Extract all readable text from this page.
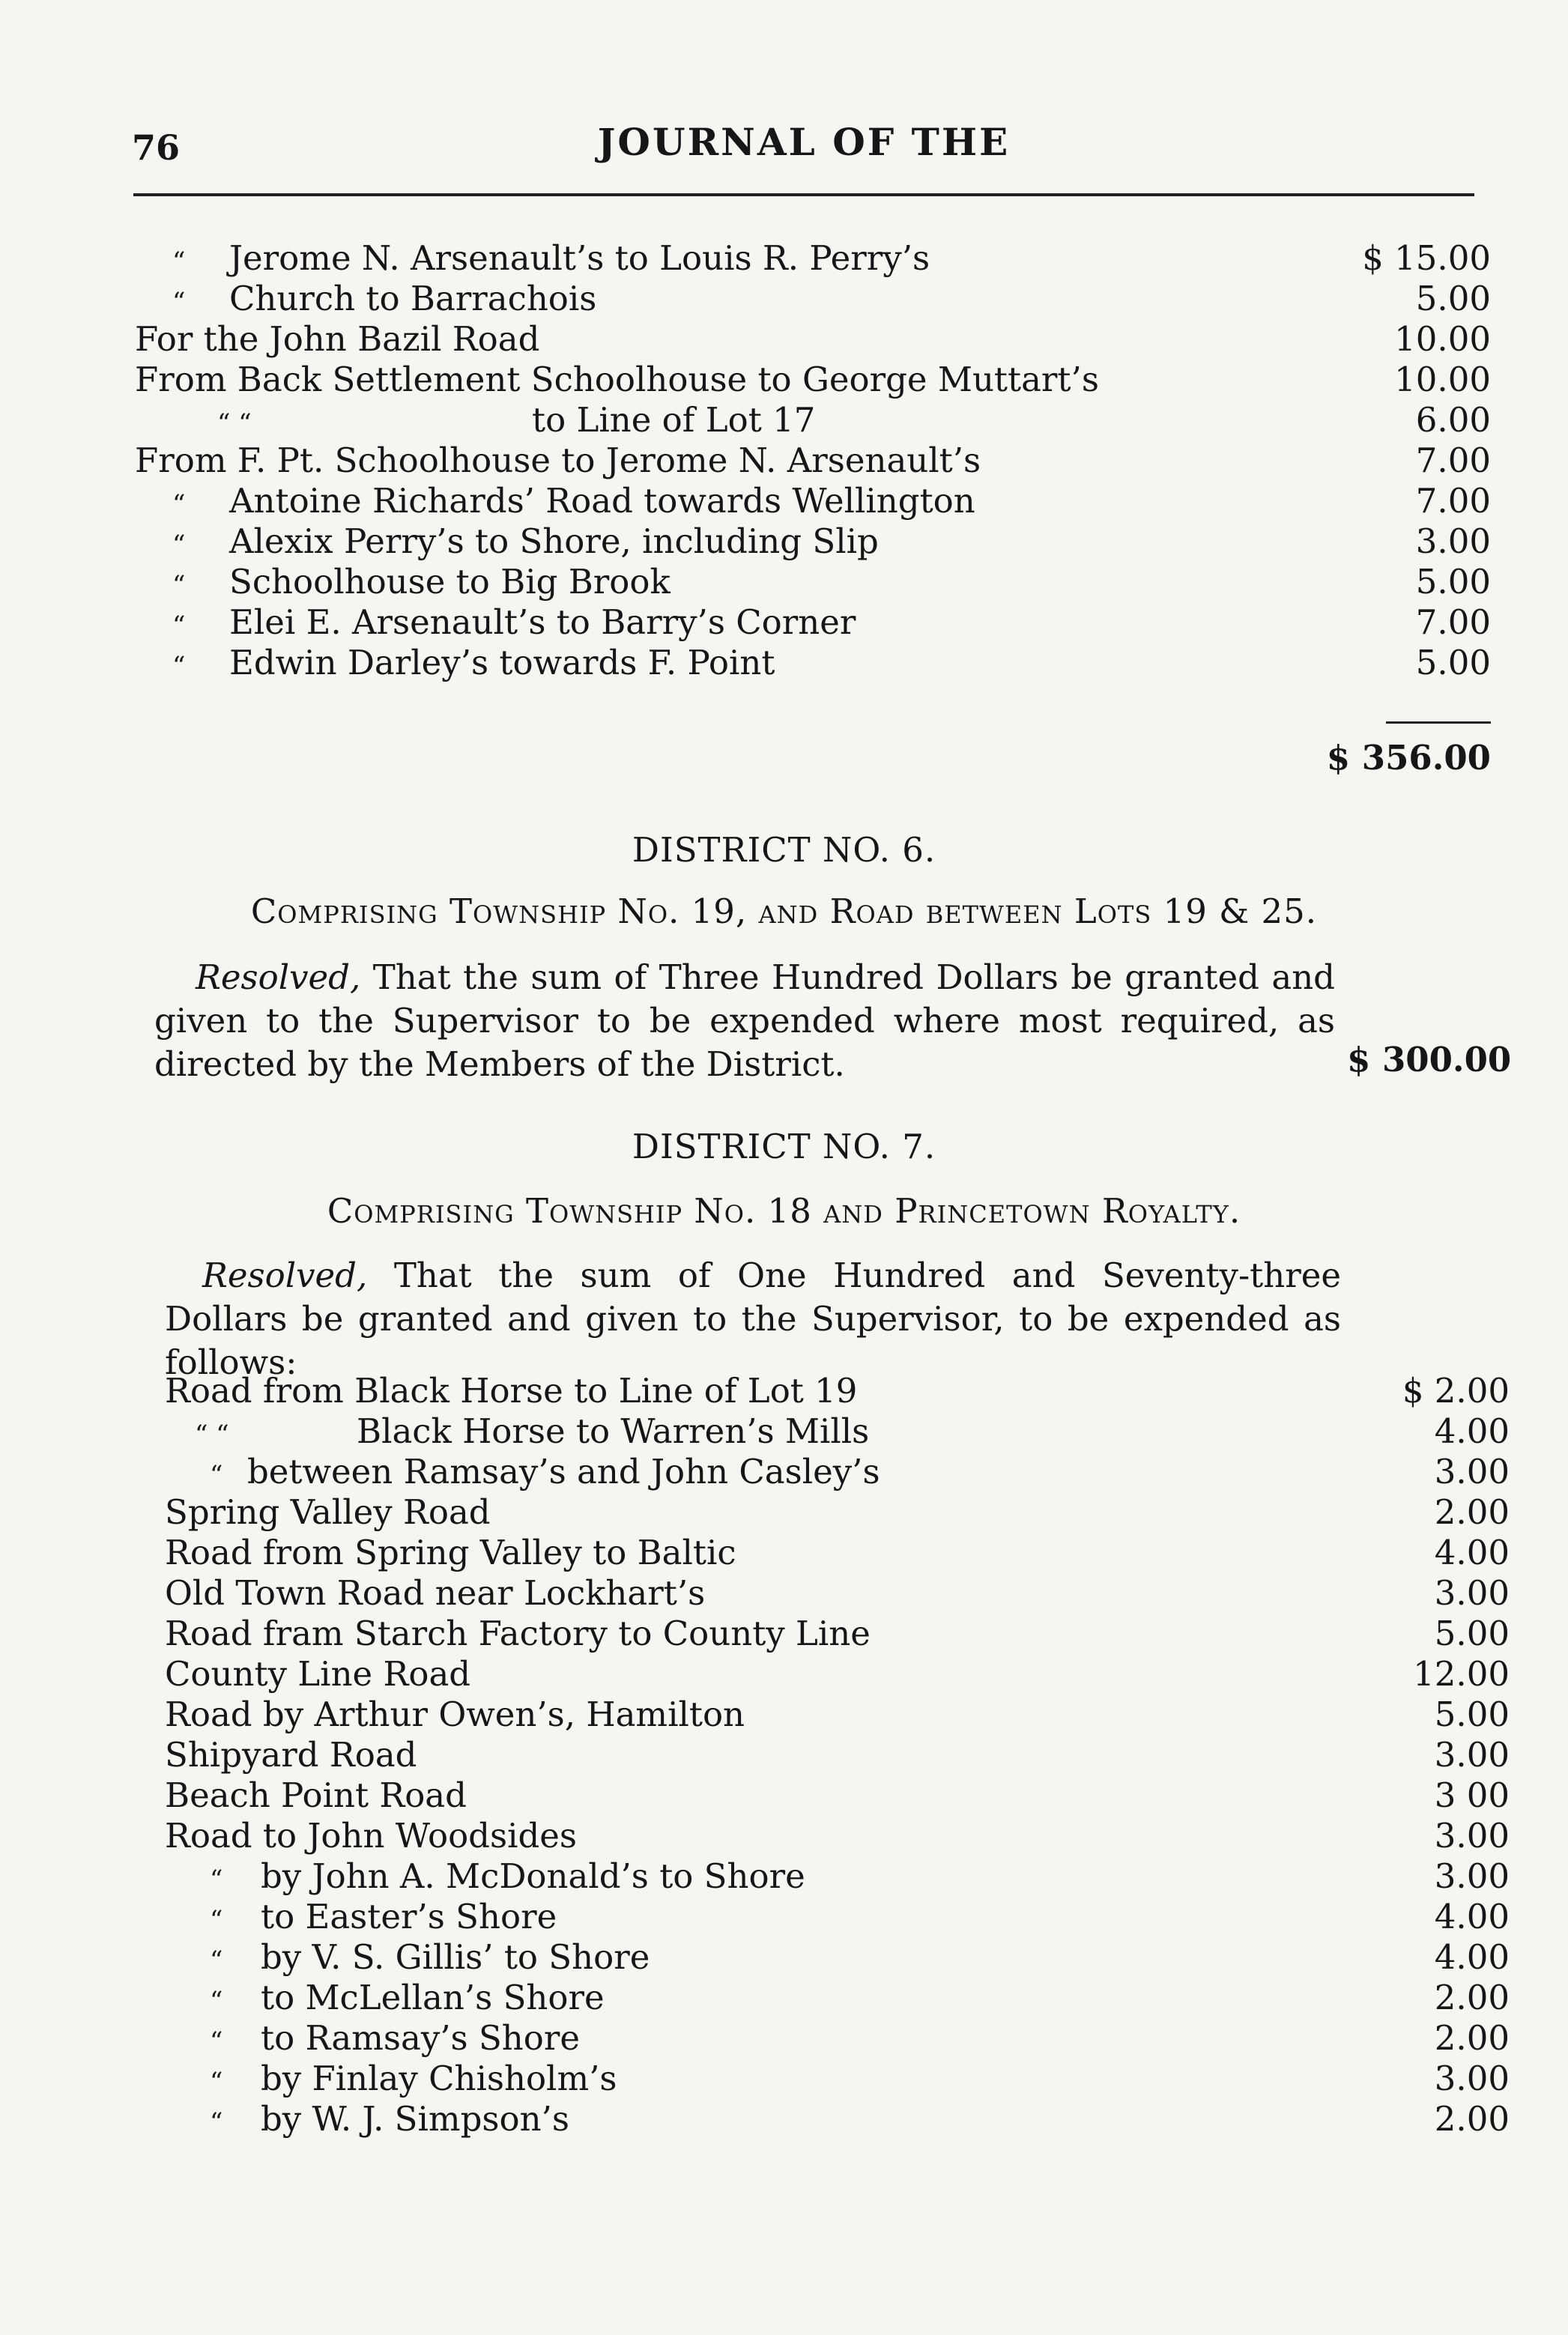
76	JOURNAL OF THE
“ Jerome N. Arsenault’s to Louis R. Perry’s	$ 15.00
“ Church to Barrachois	5.00
For the John Bazil Road	10.00
From Back Settlement Schoolhouse to George Muttart’s	10.00
“ “	to Line of Lot 17	6.00
From F. Pt. Schoolhouse to Jerome N. Arsenault’s	7.00
“ Antoine Richards’ Road towards Wellington	7.00
“ Alexix Perry’s to Shore, including Slip	3.00
“ Schoolhouse to Big Brook	5.00
“ Elei E. Arsenault’s to Barry’s Corner	7.00
“ Edwin Darley’s towards F. Point	5.00
$ 356.00
DISTRICT NO. 6.
Comprising Township No. 19, and Road between Lots 19 & 25.
Resolved, That the sum of Three Hundred Dollars be granted and given to the Supervisor to be expended where most required, as directed by the Members of the District.	$ 300.00
DISTRICT NO. 7.
Comprising Township No. 18 and Princetown Royalty.
Resolved, That the sum of One Hundred and Seventy-three Dollars be granted and given to the Supervisor, to be expended as follows:
Road from Black Horse to Line of Lot 19	$ 2.00
“ “	Black Horse to Warren’s Mills	4.00
“ between Ramsay’s and John Casley’s	3.00
Spring Valley Road	2.00
Road from Spring Valley to Baltic	4.00
Old Town Road near Lockhart’s	3.00
Road fram Starch Factory to County Line	5.00
County Line Road	12.00
Road by Arthur Owen’s, Hamilton	5.00
Shipyard Road	3.00
Beach Point Road	3 00
Road to John Woodsides	3.00
“ by John A. McDonald’s to Shore	3.00
“ to Easter’s Shore	4.00
“ by V. S. Gillis’ to Shore	4.00
“ to McLellan’s Shore	2.00
“ to Ramsay’s Shore	2.00
“ by Finlay Chisholm’s	3.00
“ by W. J. Simpson’s	2.00
